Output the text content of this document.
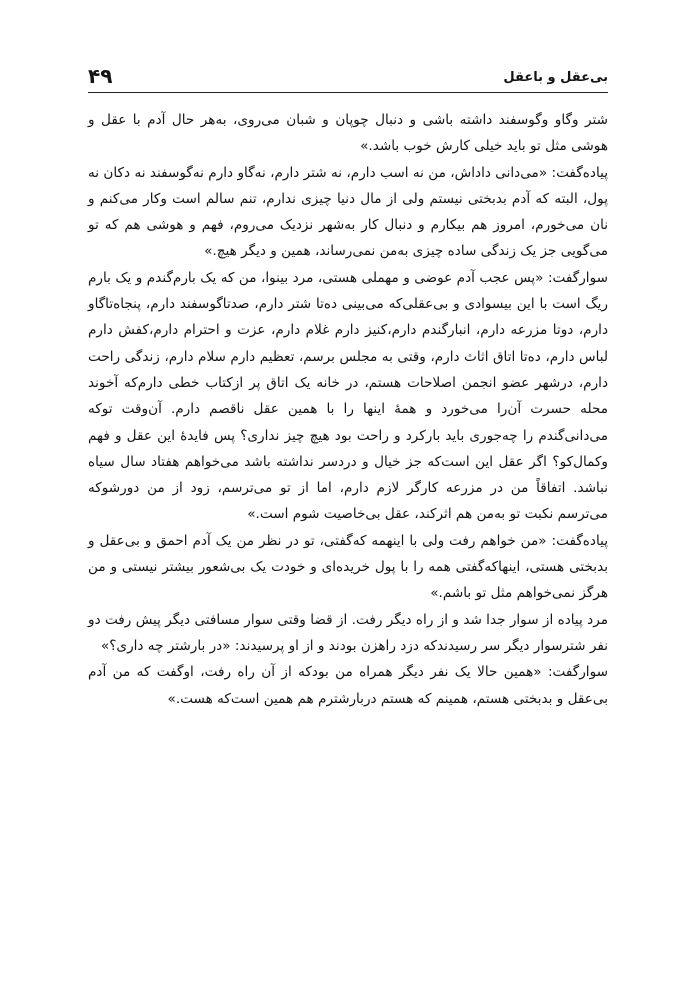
بی‌عقل و باعقل
۴۹

شتر وگاو وگوسفند داشته باشی و دنبال چوپان و شبان می‌روی، به‌هر حال آدم با عقل و هوشی مثل تو باید خیلی کارش خوب باشد.»

پیاده‌گفت: «می‌دانی داداش، من نه اسب دارم، نه شتر دارم، نه‌گاو دارم نه‌گوسفند نه دکان نه پول، البته که آدم بدبختی نیستم ولی از مال دنیا چیزی ندارم، تنم سالم است وکار می‌کنم و نان می‌خورم، امروز هم بیکارم و دنبال کار به‌شهر نزدیک می‌روم، فهم و هوشی هم که تو می‌گویی جز یک زندگی ساده چیزی به‌من نمی‌رساند، همین و دیگر هیچ.»

سوارگفت: «پس عجب آدم عوضی و مهملی هستی، مرد بینوا، من که یک بارم‌گندم و یک بارم ریگ است با این بیسوادی و بی‌عقلی‌که می‌بینی ده‌تا شتر دارم، صدتاگوسفند دارم، پنجاه‌تاگاو دارم، دوتا مزرعه دارم، انبارگندم دارم،کنیز دارم غلام دارم، عزت و احترام دارم،کفش دارم لباس دارم، ده‌تا اتاق اثاث دارم، وقتی به مجلس برسم، تعظیم دارم سلام دارم، زندگی راحت دارم، در‌شهر عضو انجمن اصلاحات هستم، در خانه یک اتاق پر از‌کتاب خطی دارم‌که آخوند محله حسرت آن‌را می‌خورد و همهٔ اینها را با همین عقل ناقصم دارم. آن‌وقت تو‌که می‌دانی‌گندم را چه‌جوری باید بارکرد و راحت بود هیچ چیز نداری؟ پس فایدهٔ این عقل و فهم وکمال‌کو؟ اگر عقل این است‌که جز خیال و دردسر نداشته باشد می‌خواهم هفتاد سال سیاه نباشد. اتفاقاً من در مزرعه کارگر لازم دارم، اما از تو می‌ترسم، زود از من دورشو‌که می‌ترسم نکبت تو به‌من هم اثرکند، عقل بی‌خاصیت شوم است.»

پیاده‌گفت: «من خواهم رفت ولی با اینهمه که‌گفتی، تو در نظر من یک آدم احمق و بی‌عقل و بدبختی هستی، اینهاکه‌گفتی همه را با پول خریده‌ای و خودت یک بی‌شعور بیشتر نیستی و من هرگز نمی‌خواهم مثل تو باشم.»

مرد پیاده از سوار جدا شد و از راه دیگر رفت. از قضا وقتی سوار مسافتی دیگر پیش رفت دو نفر شترسوار دیگر سر رسیدند‌که دزد راهزن بودند و از او پرسیدند: «در بارشتر چه داری؟»

سوارگفت: «همین حالا یک نفر دیگر همراه من بود‌که از آن راه رفت، اوگفت که من آدم بی‌عقل و بدبختی هستم، همینم که هستم دربارشترم هم همین است‌که هست.»
